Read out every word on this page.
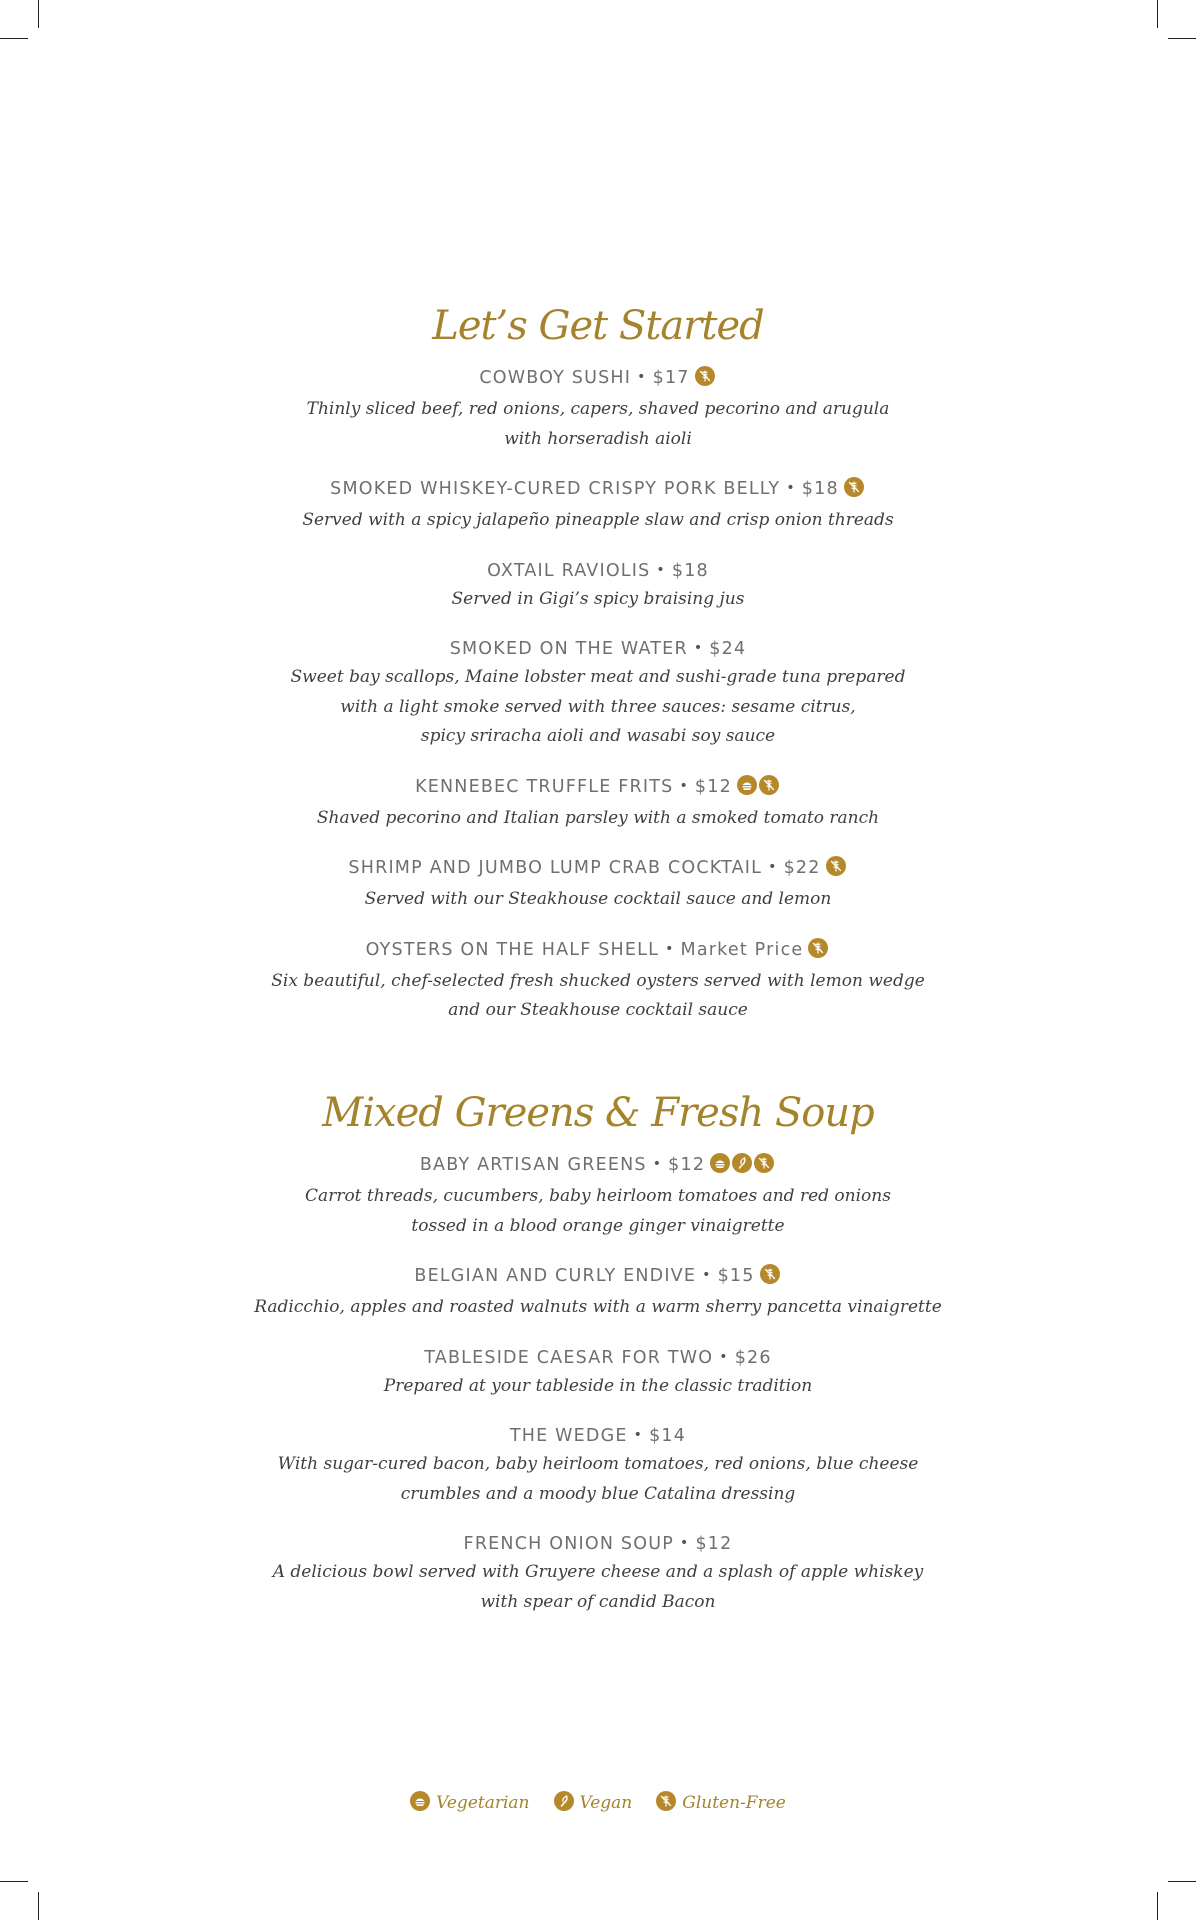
Let’s Get Started
COWBOY SUSHI • $17
Thinly sliced beef, red onions, capers, shaved pecorino and arugula
with horseradish aioli
SMOKED WHISKEY-CURED CRISPY PORK BELLY • $18
Served with a spicy jalapeño pineapple slaw and crisp onion threads
OXTAIL RAVIOLIS • $18
Served in Gigi’s spicy braising jus
SMOKED ON THE WATER • $24
Sweet bay scallops, Maine lobster meat and sushi-grade tuna prepared
with a light smoke served with three sauces: sesame citrus,
spicy sriracha aioli and wasabi soy sauce
KENNEBEC TRUFFLE FRITS • $12
Shaved pecorino and Italian parsley with a smoked tomato ranch
SHRIMP AND JUMBO LUMP CRAB COCKTAIL • $22
Served with our Steakhouse cocktail sauce and lemon
OYSTERS ON THE HALF SHELL • Market Price
Six beautiful, chef-selected fresh shucked oysters served with lemon wedge
and our Steakhouse cocktail sauce
Mixed Greens & Fresh Soup
BABY ARTISAN GREENS • $12
Carrot threads, cucumbers, baby heirloom tomatoes and red onions
tossed in a blood orange ginger vinaigrette
BELGIAN AND CURLY ENDIVE • $15
Radicchio, apples and roasted walnuts with a warm sherry pancetta vinaigrette
TABLESIDE CAESAR FOR TWO • $26
Prepared at your tableside in the classic tradition
THE WEDGE • $14
With sugar-cured bacon, baby heirloom tomatoes, red onions, blue cheese
crumbles and a moody blue Catalina dressing
FRENCH ONION SOUP • $12
A delicious bowl served with Gruyere cheese and a splash of apple whiskey
with spear of candid Bacon
Vegetarian	Vegan	Gluten-Free
